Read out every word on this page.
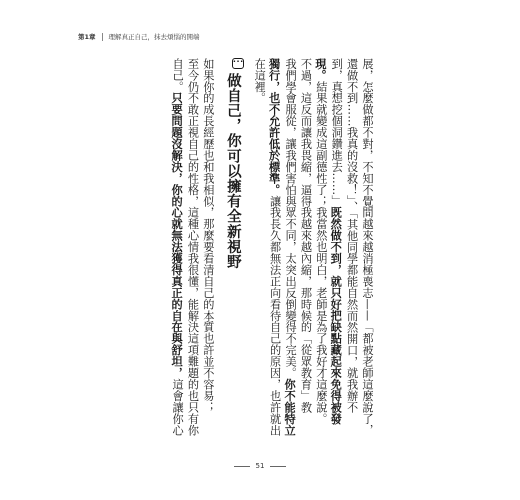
第1章 理解真正自己，抹去煩惱的開端
展，怎麼做都不對，不知不覺間越來越消極喪志——「都被老師這麼說了，
還做不到……我真的沒救！」、「其他同學都能自然而然開口，就我辦不
到，真想挖個洞鑽進去……」既然做不到，就只好把缺點藏起來免得被發
現。結果就變成這副德性了；我當然也明白，老師是為了我好才這麼說。
不過，這反而讓我畏縮，逼得我越來越內縮，那時候的「從眾教育」教
我們學會服從，讓我們害怕與眾不同，太突出反倒變得不完美。你不能特立
獨行，也不允許低於標準。讓我長久都無法正向看待自己的原因，也許就出
在這裡。
···
做自己，你可以擁有全新視野
如果你的成長經歷也和我相似，那麼要看清自己的本質也許並不容易；
至今仍不敢正視自己的性格，這種心情我很懂，能解決這項難題的也只有你
自己。只要問題沒解決，你的心就無法獲得真正的自在與舒坦，這會讓你心
51
